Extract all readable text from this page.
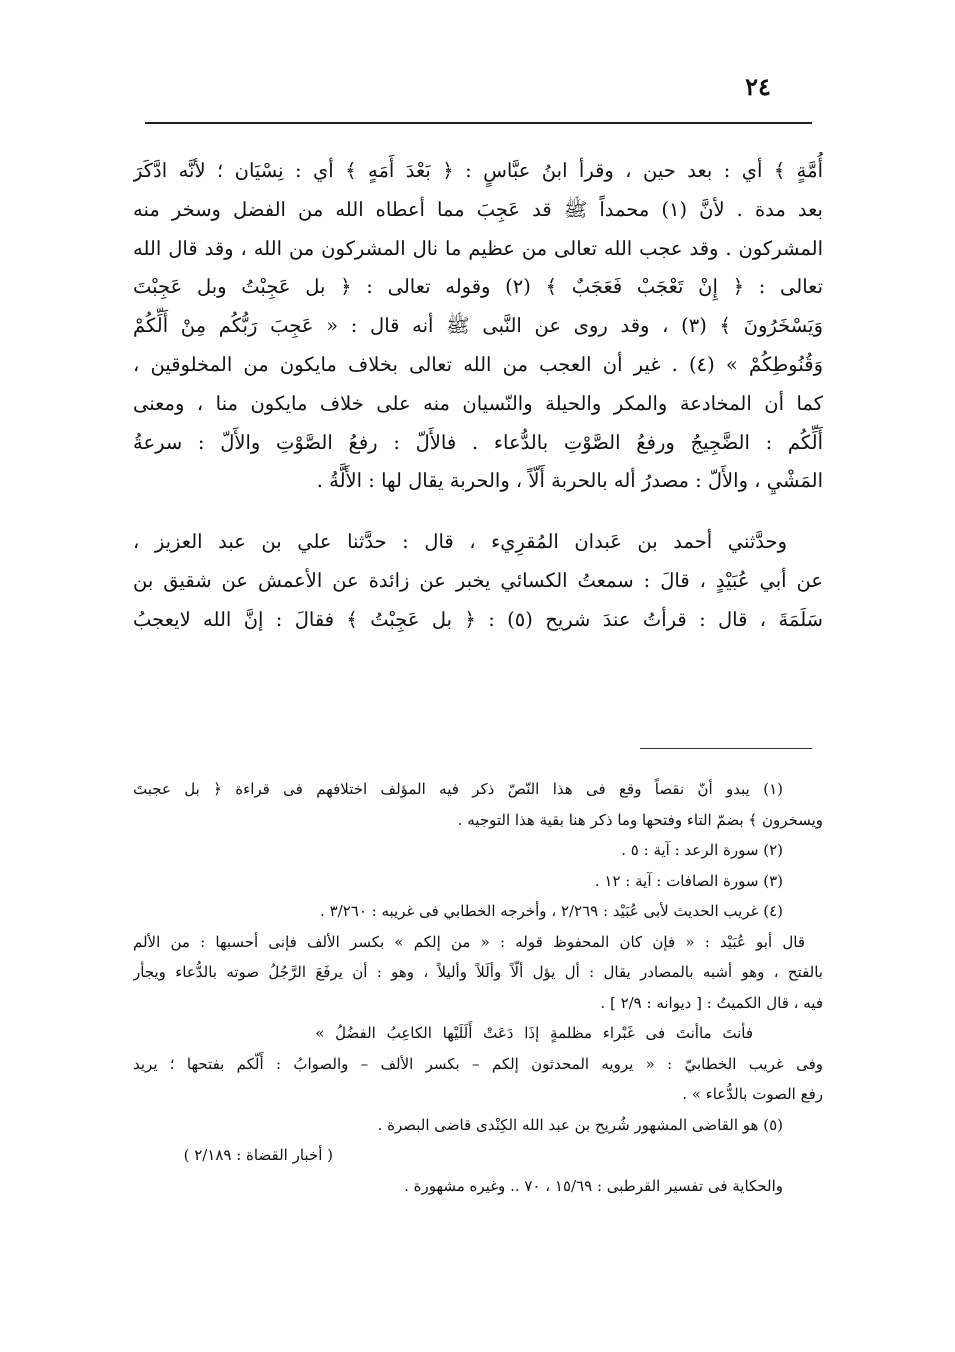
٢٤
أُمَّةٍ ﴾ أي : بعد حين ، وقرأ ابنُ عبَّاسٍ : ﴿ بَعْدَ أَمَهٍ ﴾ أي : نِسْيَان ؛ لأنَّه ادَّكَرَ
بعد مدة . لأنَّ (١) محمداً ﷺ قد عَجِبَ مما أعطاه الله من الفضل وسخر منه
المشركون . وقد عجب الله تعالى من عظيم ما نال المشركون من الله ، وقد قال الله
تعالى : ﴿ إِنْ تَعْجَبْ فَعَجَبٌ ﴾ (٢) وقوله تعالى : ﴿ بل عَجِبْتُ وبل عَجِبْتَ
وَيَسْخَرُونَ ﴾ (٣) ، وقد روى عن النَّبى ﷺ أنه قال : « عَجِبَ رَبُّكُم مِنْ أَلِّكُمْ
وَقُنُوطِكُمْ » (٤) . غير أن العجب من الله تعالى بخلاف مايكون من المخلوقين ،
كما أن المخادعة والمكر والحيلة والنّسيان منه على خلاف مايكون منا ، ومعنى
أَلِّكُم : الضَّجِيجُ ورفعُ الصَّوْتِ بالدُّعاء . فالأَلّ : رفعُ الصَّوْتِ والأَلّ : سرعةُ
المَشْيِ ، والأَلّ : مصدرُ أله بالحربة أَلّاً ، والحربة يقال لها : الأَلَّةُ .
وحدَّثني أحمد بن عَبدان المُقرِيء ، قال : حدَّثنا علي بن عبد العزيز ،
عن أبي عُبَيْدٍ ، قالَ : سمعتُ الكسائي يخبر عن زائدة عن الأعمش عن شقيق بن
سَلَمَةَ ، قال : قرأتُ عندَ شريح (٥) : ﴿ بل عَجِبْتُ ﴾ فقالَ : إنَّ الله لايعجبُ
(١) يبدو أنّ نقصاً وقع فى هذا النّصّ ذكر فيه المؤلف اختلافهم فى قراءة ﴿ بل عجبتَ
ويسخرون ﴾ بضمّ التاء وفتحها وما ذكر هنا بقية هذا التوجيه .
(٢) سورة الرعد : آية : ٥ .
(٣) سورة الصافات : آية : ١٢ .
(٤) غريب الحديث لأبى عُبَيْد : ٢/٢٦٩ ، وأخرجه الخطابي فى غريبه : ٣/٢٦٠ .
قال أبو عُبَيْد : « فإن كان المحفوظ قوله : « من إلكم » بكسر الألف فإنى أحسبها : من الألم
بالفتح ، وهو أشبه بالمصادر يقال : أل يؤل ألّاً وألَلاً وأليلاً ، وهو : أن يرفَعَ الرَّجُلُ صوته بالدُّعاء ويجأر
فيه ، قال الكميتُ : [ ديوانه : ٢/٩ ] .
فأنتَ ماأنتَ فى غَبْراء مظلمةٍ إذَا دَعَتْ أَلَلَيْها الكاعِبُ الفضُلُ »
وفى غريب الخطابيّ : « يرويه المحدثون إلكم – بكسر الألف – والصوابُ : أَلّكم بفتحها ؛ يريد
رفع الصوت بالدُّعاء » .
(٥) هو القاضى المشهور شُريح بن عبد الله الكِنْدى قاضى البصرة .
( أخبار القضاة : ٢/١٨٩ )
والحكاية فى تفسير القرطبى : ١٥/٦٩ ، ٧٠ .. وغيره مشهورة .
